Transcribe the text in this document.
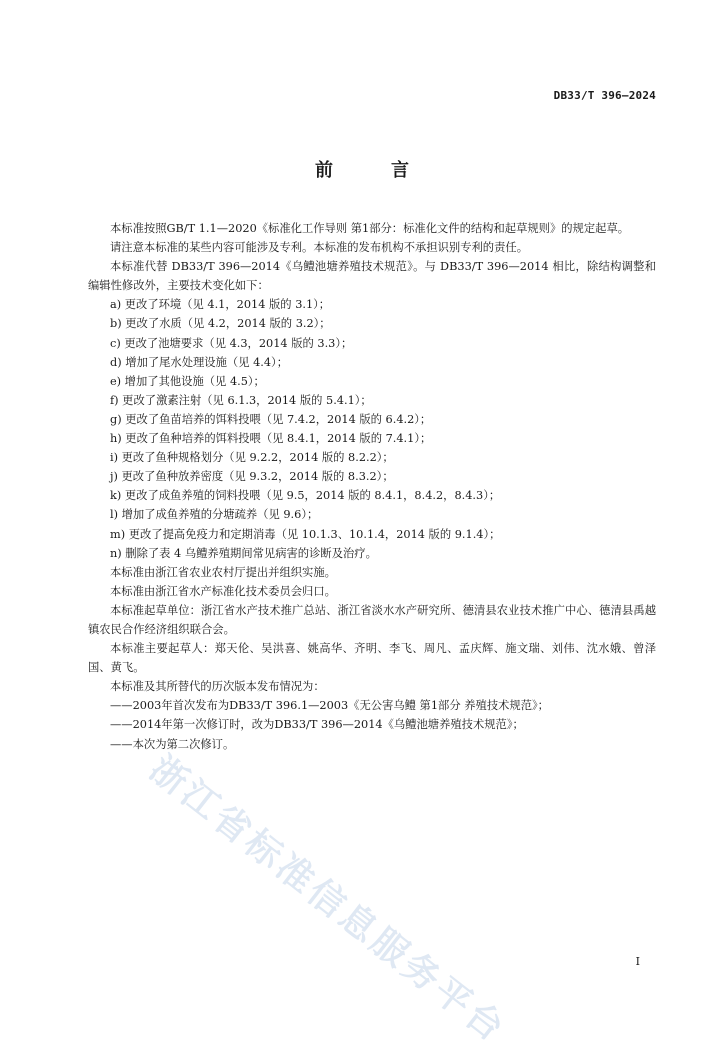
DB33/T 396—2024
前　言

本标准按照GB/T 1.1—2020《标准化工作导则 第1部分：标准化文件的结构和起草规则》的规定起草。

请注意本标准的某些内容可能涉及专利。本标准的发布机构不承担识别专利的责任。

本标准代替 DB33/T 396—2014《乌鳢池塘养殖技术规范》。与 DB33/T 396—2014 相比，除结构调整和编辑性修改外，主要技术变化如下：

a) 更改了环境（见 4.1，2014 版的 3.1）；

b) 更改了水质（见 4.2，2014 版的 3.2）；

c) 更改了池塘要求（见 4.3，2014 版的 3.3）；

d) 增加了尾水处理设施（见 4.4）；

e) 增加了其他设施（见 4.5）；

f) 更改了激素注射（见 6.1.3，2014 版的 5.4.1）；

g) 更改了鱼苗培养的饵料投喂（见 7.4.2，2014 版的 6.4.2）；

h) 更改了鱼种培养的饵料投喂（见 8.4.1，2014 版的 7.4.1）；

i) 更改了鱼种规格划分（见 9.2.2，2014 版的 8.2.2）；

j) 更改了鱼种放养密度（见 9.3.2，2014 版的 8.3.2）；

k) 更改了成鱼养殖的饲料投喂（见 9.5，2014 版的 8.4.1，8.4.2，8.4.3）；

l) 增加了成鱼养殖的分塘疏养（见 9.6）；

m) 更改了提高免疫力和定期消毒（见 10.1.3、10.1.4，2014 版的 9.1.4）；

n) 删除了表 4 乌鳢养殖期间常见病害的诊断及治疗。

本标准由浙江省农业农村厅提出并组织实施。

本标准由浙江省水产标准化技术委员会归口。

本标准起草单位：浙江省水产技术推广总站、浙江省淡水水产研究所、德清县农业技术推广中心、德清县禹越镇农民合作经济组织联合会。

本标准主要起草人：郑天伦、吴洪喜、姚高华、齐明、李飞、周凡、孟庆辉、施文瑞、刘伟、沈水娥、曾泽国、黄飞。

本标准及其所替代的历次版本发布情况为：

——2003年首次发布为DB33/T 396.1—2003《无公害乌鳢 第1部分 养殖技术规范》；

——2014年第一次修订时，改为DB33/T 396—2014《乌鳢池塘养殖技术规范》；

——本次为第二次修订。

浙江省标准信息服务平台	I
